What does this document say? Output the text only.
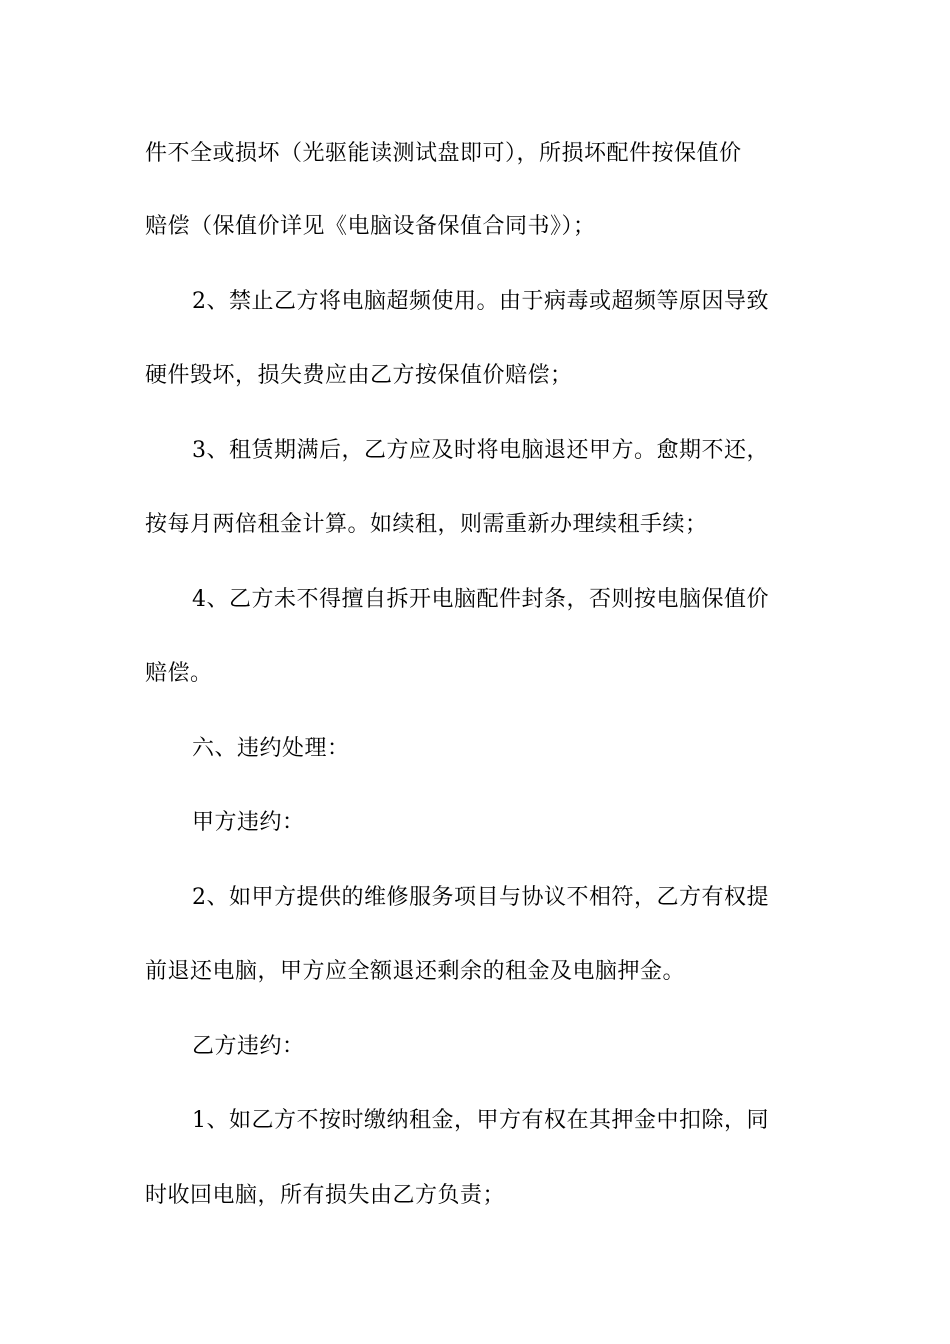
件不全或损坏（光驱能读测试盘即可），所损坏配件按保值价
赔偿（保值价详见《电脑设备保值合同书》）；
2、禁止乙方将电脑超频使用。由于病毒或超频等原因导致
硬件毁坏，损失费应由乙方按保值价赔偿；
3、租赁期满后，乙方应及时将电脑退还甲方。愈期不还，
按每月两倍租金计算。如续租，则需重新办理续租手续；
4、乙方未不得擅自拆开电脑配件封条，否则按电脑保值价
赔偿。
六、违约处理：
甲方违约：
2、如甲方提供的维修服务项目与协议不相符，乙方有权提
前退还电脑，甲方应全额退还剩余的租金及电脑押金。
乙方违约：
1、如乙方不按时缴纳租金，甲方有权在其押金中扣除，同
时收回电脑，所有损失由乙方负责；
